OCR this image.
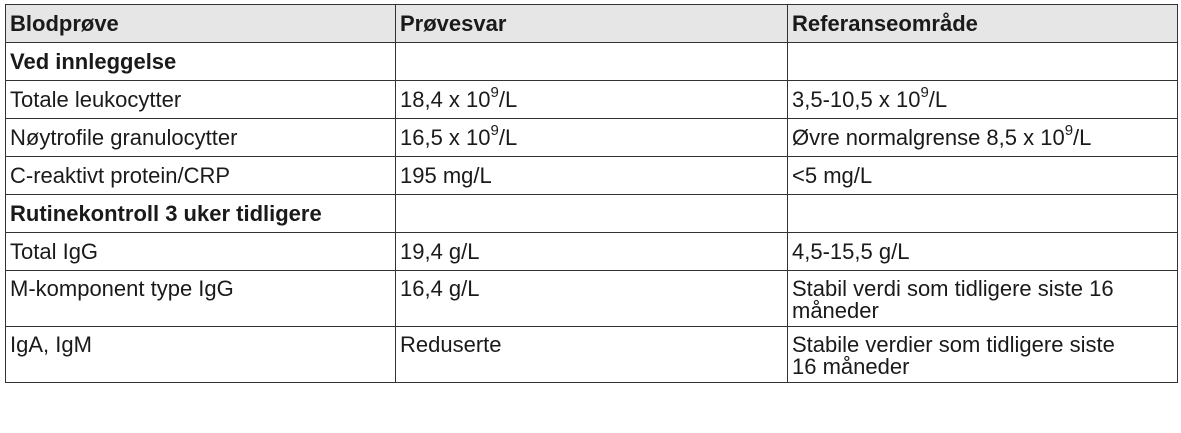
Blodprøve	Prøvesvar	Referanseområde
Ved innleggelse		
Totale leukocytter	18,4 x $10^9/L$	3,5-10,5 x $10^9/L$
Nøytrofile granulocytter	16,5 x $10^9/L$	Øvre normalgrense 8,5 x $10^9/L$
C-reaktivt protein/CRP	195 mg/L	<5 mg/L
Rutinekontroll 3 uker tidligere		
Total IgG	19,4 g/L	4,5-15,5 g/L
M-komponent type IgG	16,4 g/L	Stabil verdi som tidligere siste 16
måneder

IgA, IgM	Reduserte	Stabile verdier som tidligere siste
16 måneder
